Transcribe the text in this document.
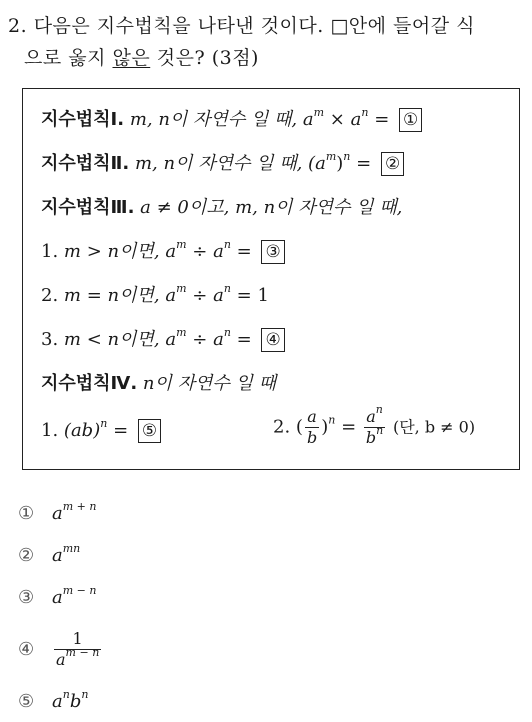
2. 다음은 지수법칙을 나타낸 것이다. □안에 들어갈 식
으로 옳지 않은 것은? (3점)
지수법칙Ⅰ. m, n이 자연수 일 때, $a^m \times a^n$ = ①
지수법칙Ⅱ. m, n이 자연수 일 때, $(a^m)^n$ = ②
지수법칙Ⅲ. a ≠ 0이고, m, n이 자연수 일 때,
1. m > n이면, $a^m \div a^n$ = ③
2. m = n이면, $a^m \div a^n = 1$
3. m < n이면, $a^m \div a^n$ = ④
지수법칙Ⅳ. n이 자연수 일 때
1. (ab)$^n$ = ⑤	2. ( $\frac{a}{b} )^n = \frac{a^n}{b^n}$ (단, b ≠ 0)
① $a^{m + n}$
② $a^{mn}$
③ $a^{m - n}$
④	$\frac{1}{a^{m - n}}$
⑤ $a^nb^n$
